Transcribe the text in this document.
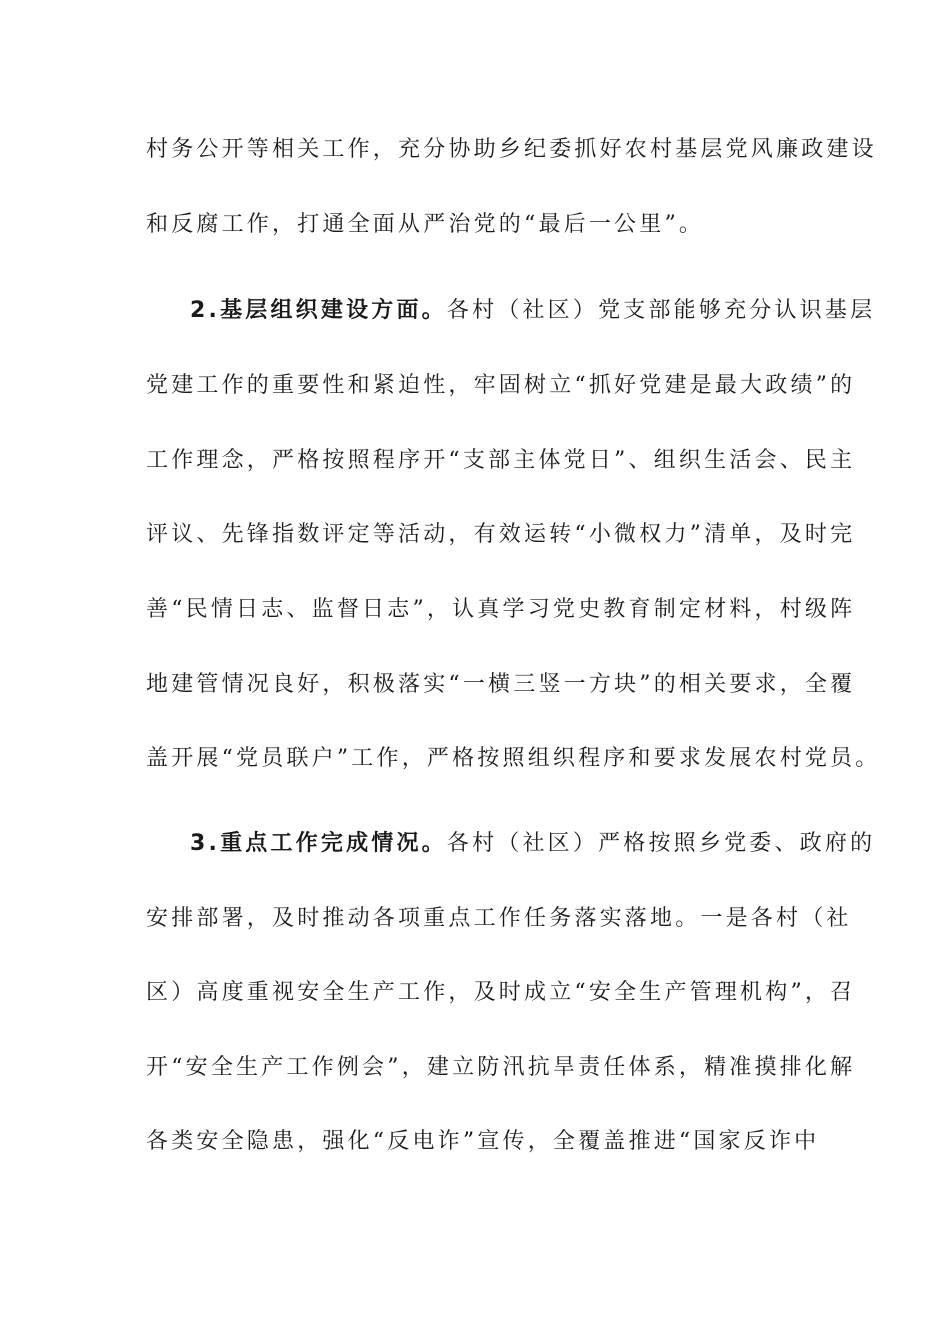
村务公开等相关工作，充分协助乡纪委抓好农村基层党风廉政建设
和反腐工作，打通全面从严治党的“最后一公里”。
2.基层组织建设方面。各村（社区）党支部能够充分认识基层
党建工作的重要性和紧迫性，牢固树立“抓好党建是最大政绩”的
工作理念，严格按照程序开“支部主体党日”、组织生活会、民主
评议、先锋指数评定等活动，有效运转“小微权力”清单，及时完
善“民情日志、监督日志”，认真学习党史教育制定材料，村级阵
地建管情况良好，积极落实“一横三竖一方块”的相关要求，全覆
盖开展“党员联户”工作，严格按照组织程序和要求发展农村党员。
3.重点工作完成情况。各村（社区）严格按照乡党委、政府的
安排部署，及时推动各项重点工作任务落实落地。一是各村（社
区）高度重视安全生产工作，及时成立“安全生产管理机构”，召
开“安全生产工作例会”，建立防汛抗旱责任体系，精准摸排化解
各类安全隐患，强化“反电诈”宣传，全覆盖推进“国家反诈中
